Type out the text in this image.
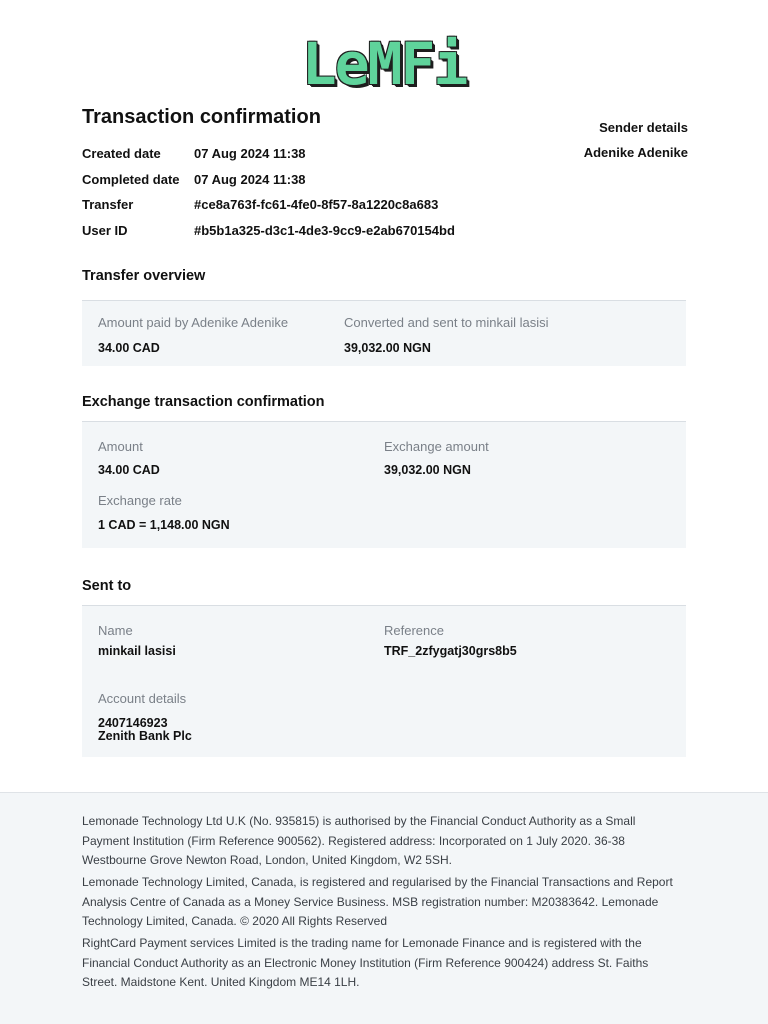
LeMFi
Transaction confirmation	Sender details
Adenike Adenike
Created date	07 Aug 2024 11:38
Completed date	07 Aug 2024 11:38
Transfer	#ce8a763f-fc61-4fe0-8f57-8a1220c8a683
User ID	#b5b1a325-d3c1-4de3-9cc9-e2ab670154bd
Transfer overview
Amount paid by Adenike Adenike
34.00 CAD
Converted and sent to minkail lasisi
39,032.00 NGN
Exchange transaction confirmation
Amount
34.00 CAD
Exchange amount
39,032.00 NGN
Exchange rate
1 CAD = 1,148.00 NGN
Sent to
Name
minkail lasisi
Reference
TRF_2zfygatj30grs8b5
Account details
2407146923
Zenith Bank Plc

Lemonade Technology Ltd U.K (No. 935815) is authorised by the Financial Conduct Authority as a Small Payment Institution (Firm Reference 900562). Registered address: Incorporated on 1 July 2020. 36-38 Westbourne Grove Newton Road, London, United Kingdom, W2 5SH.

Lemonade Technology Limited, Canada, is registered and regularised by the Financial Transactions and Report Analysis Centre of Canada as a Money Service Business. MSB registration number: M20383642. Lemonade Technology Limited, Canada. © 2020 All Rights Reserved

RightCard Payment services Limited is the trading name for Lemonade Finance and is registered with the Financial Conduct Authority as an Electronic Money Institution (Firm Reference 900424) address St. Faiths Street. Maidstone Kent. United Kingdom ME14 1LH.
